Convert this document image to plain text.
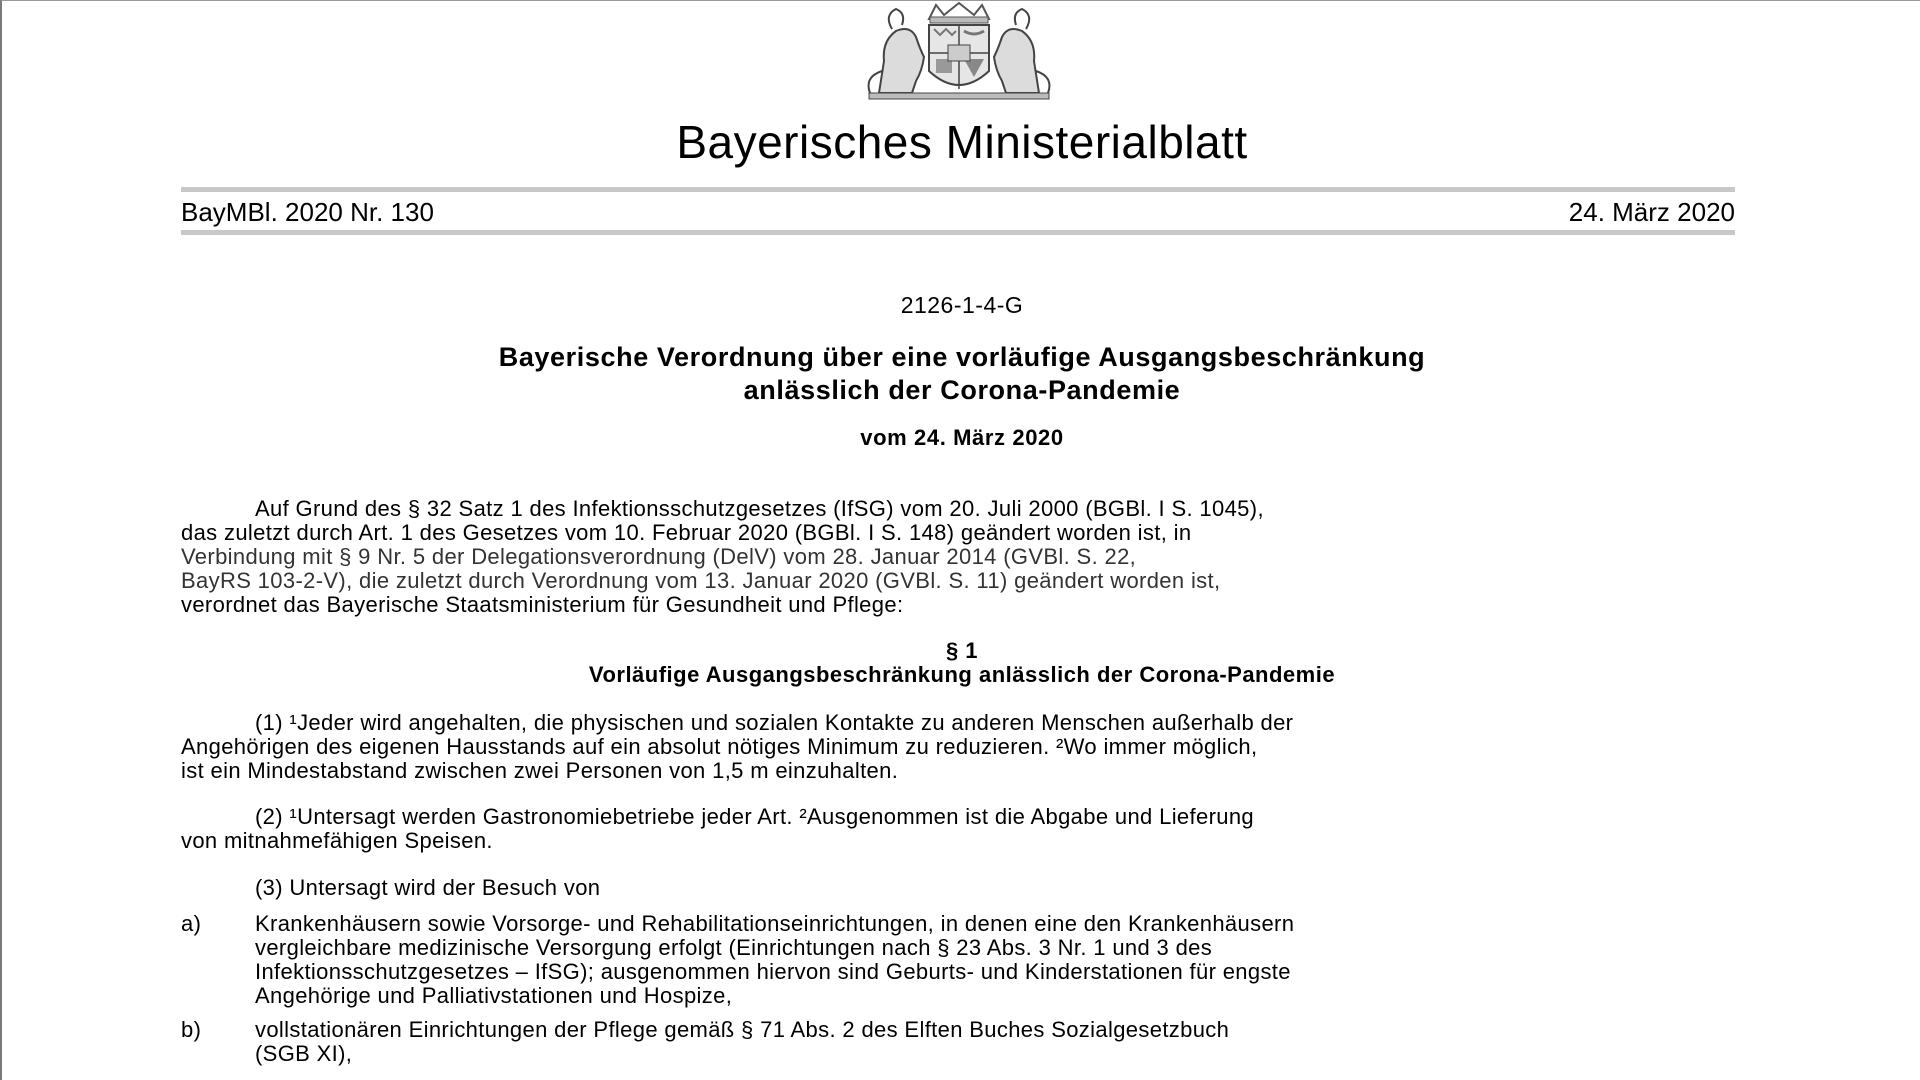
Bayerisches Ministerialblatt
BayMBl. 2020 Nr. 130	24. März 2020
2126-1-4-G
Bayerische Verordnung über eine vorläufige Ausgangsbeschränkung
anlässlich der Corona-Pandemie
vom 24. März 2020
Auf Grund des § 32 Satz 1 des Infektionsschutzgesetzes (IfSG) vom 20. Juli 2000 (BGBl. I S. 1045),
das zuletzt durch Art. 1 des Gesetzes vom 10. Februar 2020 (BGBl. I S. 148) geändert worden ist, in
Verbindung mit § 9 Nr. 5 der Delegationsverordnung (DelV) vom 28. Januar 2014 (GVBl. S. 22,
BayRS 103-2-V), die zuletzt durch Verordnung vom 13. Januar 2020 (GVBl. S. 11) geändert worden ist,
verordnet das Bayerische Staatsministerium für Gesundheit und Pflege:
§ 1
Vorläufige Ausgangsbeschränkung anlässlich der Corona-Pandemie
(1) ¹Jeder wird angehalten, die physischen und sozialen Kontakte zu anderen Menschen außerhalb der
Angehörigen des eigenen Hausstands auf ein absolut nötiges Minimum zu reduzieren. ²Wo immer möglich,
ist ein Mindestabstand zwischen zwei Personen von 1,5 m einzuhalten.
(2) ¹Untersagt werden Gastronomiebetriebe jeder Art. ²Ausgenommen ist die Abgabe und Lieferung
von mitnahmefähigen Speisen.
(3) Untersagt wird der Besuch von
a) Krankenhäusern sowie Vorsorge- und Rehabilitationseinrichtungen, in denen eine den Krankenhäusern
vergleichbare medizinische Versorgung erfolgt (Einrichtungen nach § 23 Abs. 3 Nr. 1 und 3 des
Infektionsschutzgesetzes – IfSG); ausgenommen hiervon sind Geburts- und Kinderstationen für engste
Angehörige und Palliativstationen und Hospize,
b) vollstationären Einrichtungen der Pflege gemäß § 71 Abs. 2 des Elften Buches Sozialgesetzbuch
(SGB XI),
